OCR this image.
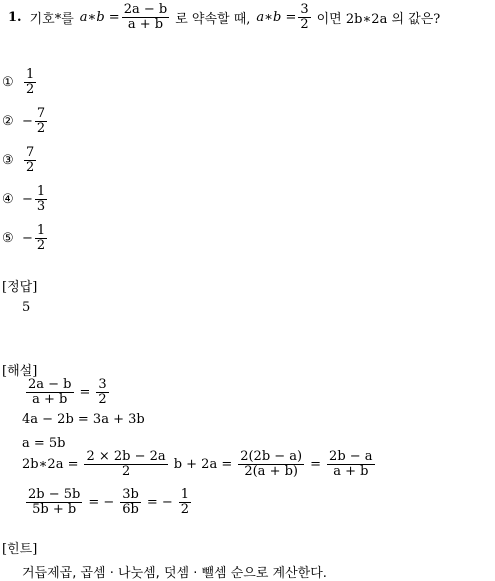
1. 기호*를 a∗b = $\frac{2a - b}{a + b}$ 로 약속할 때, a∗b = $\frac{3}{2}$ 이면 2b∗2a 의 값은?
① $\frac{1}{2}$
② − $\frac{7}{2}$
③ $\frac{7}{2}$
④ − $\frac{1}{3}$
⑤ − $\frac{1}{2}$
[정답]
5
[해설]
$\frac{2a - b}{a + b} = \frac{3}{2}$
4a − 2b = 3a + 3b
a = 5b
2b∗2a = $\frac{2 \times 2b - 2a}{2}$ $b + 2a = \frac{2(2b - a)}{2(a + b)} = \frac{2b - a}{a + b}$
$\frac{2b - 5b}{5b + b}$ = − $\frac{3b}{6b}$ = − $\frac{1}{2}$
[힌트]
거듭제곱, 곱셈 · 나눗셈, 덧셈 · 뺄셈 순으로 계산한다.
